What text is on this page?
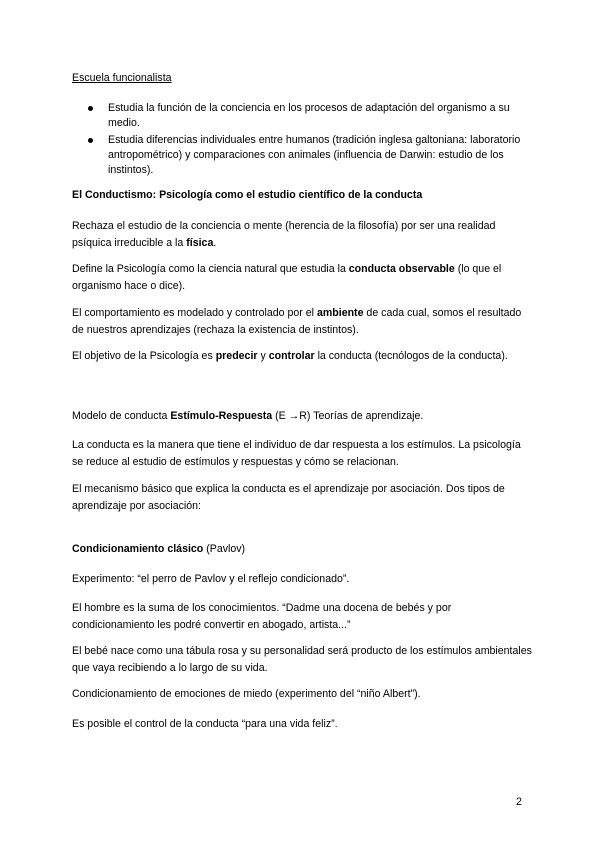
Escuela funcionalista

Estudia la función de la conciencia en los procesos de adaptación del organismo a su medio.
Estudia diferencias individuales entre humanos (tradición inglesa galtoniana: laboratorio antropométrico) y comparaciones con animales (influencia de Darwin: estudio de los instintos).

El Conductismo: Psicología como el estudio científico de la conducta

Rechaza el estudio de la conciencia o mente (herencia de la filosofía) por ser una realidad psíquica irreducible a la física.

Define la Psicología como la ciencia natural que estudia la conducta observable (lo que el organismo hace o dice).

El comportamiento es modelado y controlado por el ambiente de cada cual, somos el resultado de nuestros aprendizajes (rechaza la existencia de instintos).

El objetivo de la Psicología es predecir y controlar la conducta (tecnólogos de la conducta).

Modelo de conducta Estímulo-Respuesta (E →R) Teorías de aprendizaje.

La conducta es la manera que tiene el individuo de dar respuesta a los estímulos. La psicología se reduce al estudio de estímulos y respuestas y cómo se relacionan.

El mecanismo básico que explica la conducta es el aprendizaje por asociación. Dos tipos de aprendizaje por asociación:

Condicionamiento clásico (Pavlov)

Experimento: “el perro de Pavlov y el reflejo condicionado”.

El hombre es la suma de los conocimientos. “Dadme una docena de bebés y por condicionamiento les podré convertir en abogado, artista...”

El bebé nace como una tábula rosa y su personalidad será producto de los estímulos ambientales que vaya recibiendo a lo largo de su vida.

Condicionamiento de emociones de miedo (experimento del “niño Albert”).

Es posible el control de la conducta “para una vida feliz”.

2
